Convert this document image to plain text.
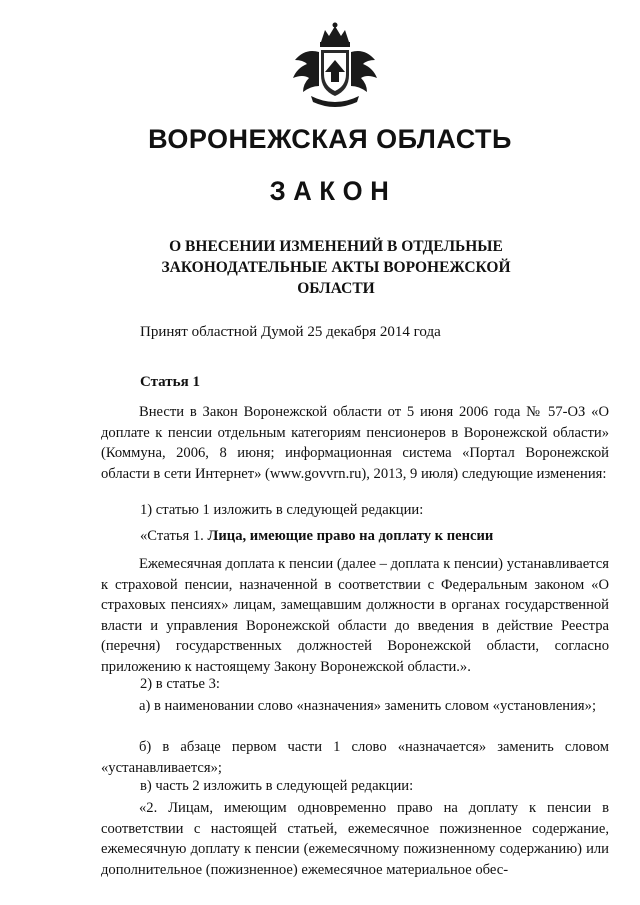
ВОРОНЕЖСКАЯ ОБЛАСТЬ
ЗАКОН
О ВНЕСЕНИИ ИЗМЕНЕНИЙ В ОТДЕЛЬНЫЕ
ЗАКОНОДАТЕЛЬНЫЕ АКТЫ ВОРОНЕЖСКОЙ
ОБЛАСТИ
Принят областной Думой 25 декабря 2014 года
Статья 1
Внести в Закон Воронежской области от 5 июня 2006 года № 57-ОЗ «О доплате к пенсии отдельным категориям пенсионеров в Воронежской области» (Коммуна, 2006, 8 июня; информационная система «Портал Воронежской области в сети Интернет» (www.govvrn.ru), 2013, 9 июля) следующие изменения:
1) статью 1 изложить в следующей редакции:
«Статья 1. Лица, имеющие право на доплату к пенсии
Ежемесячная доплата к пенсии (далее – доплата к пенсии) устанавливается к страховой пенсии, назначенной в соответствии с Федеральным законом «О страховых пенсиях» лицам, замещавшим должности в органах государственной власти и управления Воронежской области до введения в действие Реестра (перечня) государственных должностей Воронежской области, согласно приложению к настоящему Закону Воронежской области.».
2) в статье 3:
а) в наименовании слово «назначения» заменить словом «установления»;
б) в абзаце первом части 1 слово «назначается» заменить словом «устанавливается»;
в) часть 2 изложить в следующей редакции:
«2. Лицам, имеющим одновременно право на доплату к пенсии в соответствии с настоящей статьей, ежемесячное пожизненное содержание, ежемесячную доплату к пенсии (ежемесячному пожизненному содержанию) или дополнительное (пожизненное) ежемесячное материальное обес-
